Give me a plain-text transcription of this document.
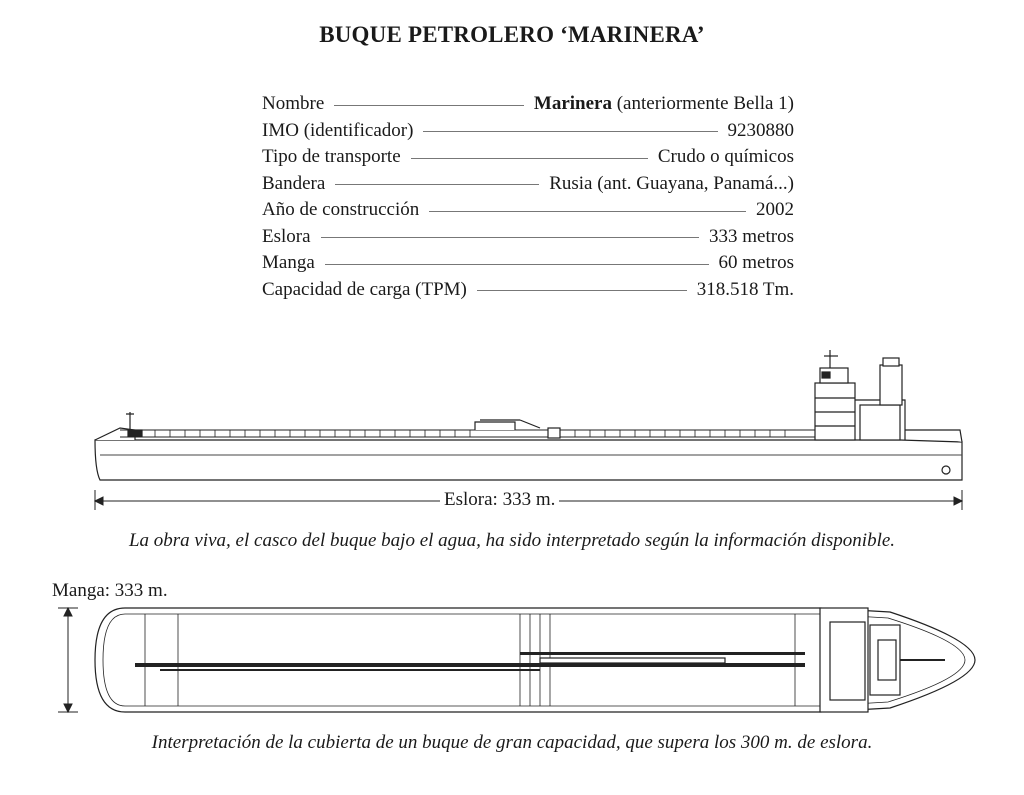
BUQUE PETROLERO ‘MARINERA’
Nombre	Marinera (anteriormente Bella 1)
IMO (identificador)	9230880
Tipo de transporte	Crudo o químicos
Bandera	Rusia (ant. Guayana, Panamá...)
Año de construcción	2002
Eslora	333 metros
Manga	60 metros
Capacidad de carga (TPM)	318.518 Tm.
Eslora: 333 m.
La obra viva, el casco del buque bajo el agua, ha sido interpretado según la información disponible.
Manga: 333 m.
Interpretación de la cubierta de un buque de gran capacidad, que supera los 300 m. de eslora.
